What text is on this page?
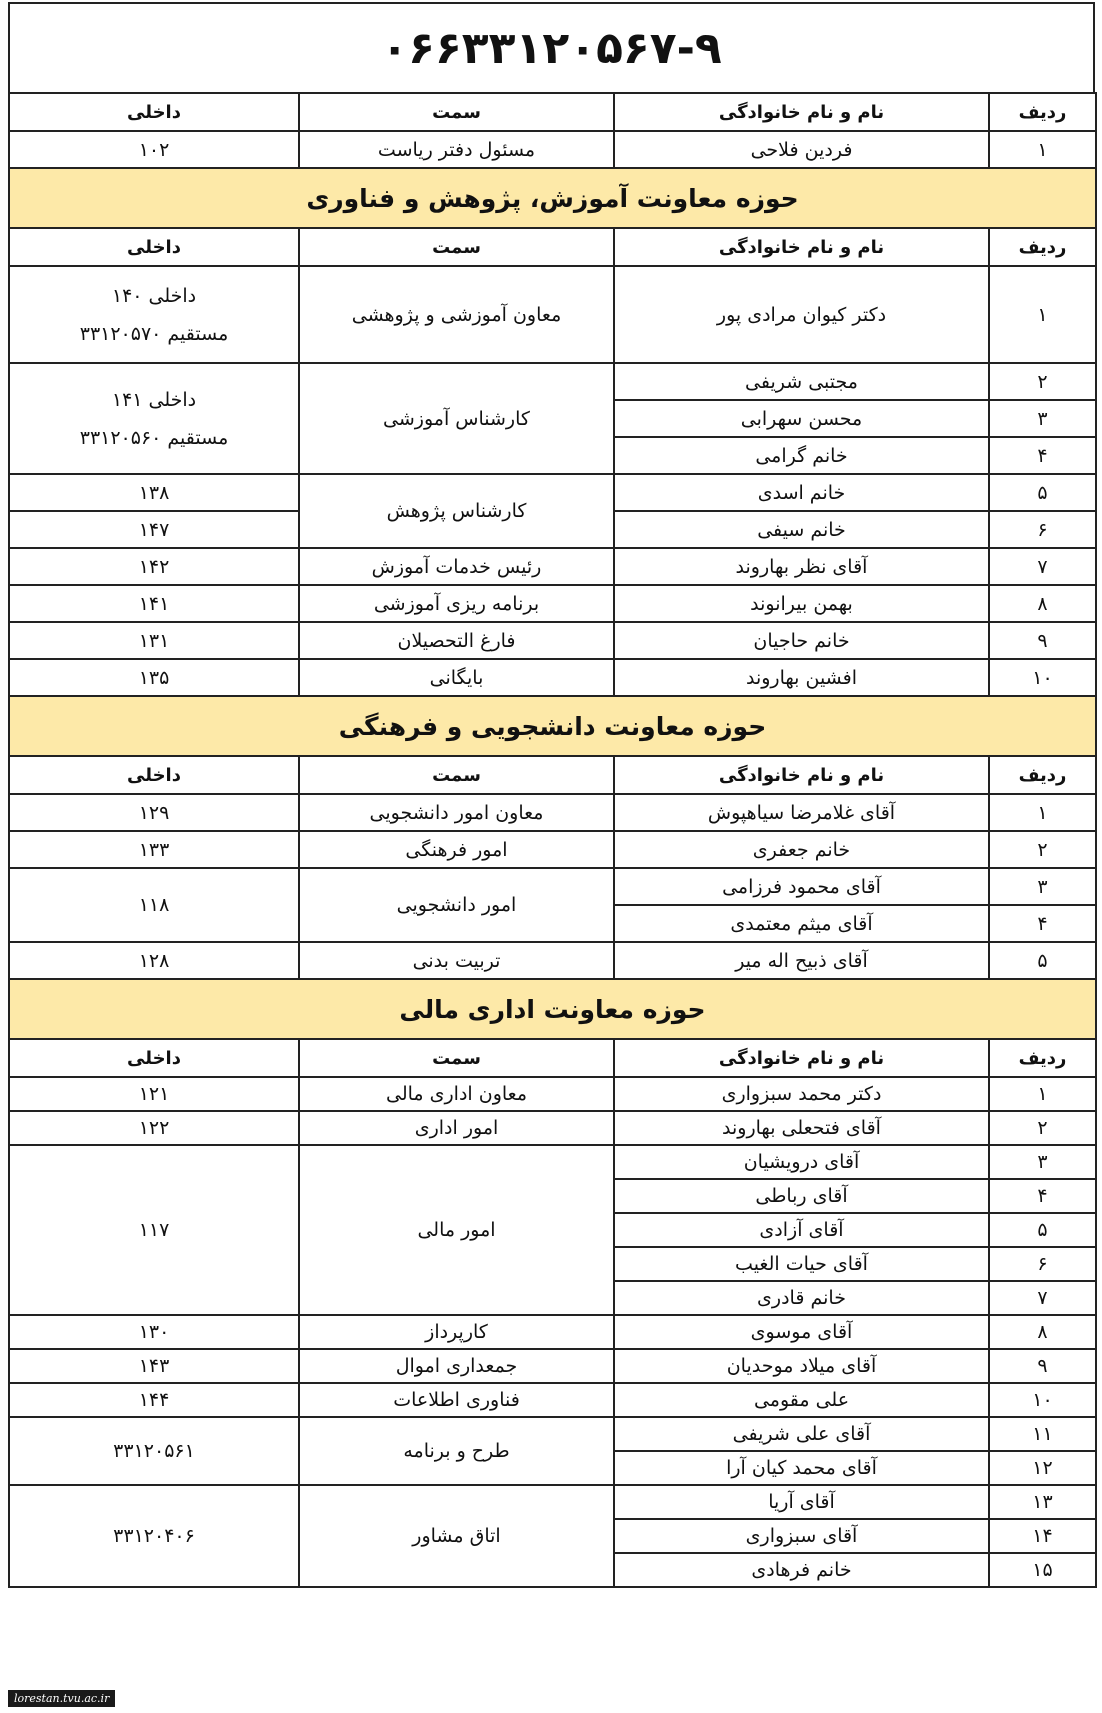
۰۶۶۳۳۱۲۰۵۶۷-۹
ردیف	نام و نام خانوادگی	سمت	داخلی
۱	فردین فلاحی	مسئول دفتر ریاست	۱۰۲
حوزه معاونت آموزش، پژوهش و فناوری			
ردیف	نام و نام خانوادگی	سمت	داخلی
۱	دکتر کیوان مرادی پور	معاون آموزشی و پژوهشی	داخلی ۱۴۰
مستقیم ۳۳۱۲۰۵۷۰

۲	مجتبی شریفی	کارشناس آموزشی	داخلی ۱۴۱
مستقیم ۳۳۱۲۰۵۶۰

۳	محسن سهرابی		
۴	خانم گرامی		
۵	خانم اسدی	کارشناس پژوهش	۱۳۸
۶	خانم سیفی		۱۴۷
۷	آقای نظر بهاروند	رئیس خدمات آموزش	۱۴۲
۸	بهمن بیرانوند	برنامه ریزی آموزشی	۱۴۱
۹	خانم حاجیان	فارغ التحصیلان	۱۳۱
۱۰	افشین بهاروند	بایگانی	۱۳۵
حوزه معاونت دانشجویی و فرهنگی			
ردیف	نام و نام خانوادگی	سمت	داخلی
۱	آقای غلامرضا سیاهپوش	معاون امور دانشجویی	۱۲۹
۲	خانم جعفری	امور فرهنگی	۱۳۳
۳	آقای محمود فرزامی	امور دانشجویی	۱۱۸
۴	آقای میثم معتمدی		
۵	آقای ذبیح اله میر	تربیت بدنی	۱۲۸
حوزه معاونت اداری مالی			
ردیف	نام و نام خانوادگی	سمت	داخلی
۱	دکتر محمد سبزواری	معاون اداری مالی	۱۲۱
۲	آقای فتحعلی بهاروند	امور اداری	۱۲۲
۳	آقای درویشیان	امور مالی	۱۱۷
۴	آقای رباطی		
۵	آقای آزادی		
۶	آقای حیات الغیب		
۷	خانم قادری		
۸	آقای موسوی	کارپرداز	۱۳۰
۹	آقای میلاد موحدیان	جمعداری اموال	۱۴۳
۱۰	علی مقومی	فناوری اطلاعات	۱۴۴
۱۱	آقای علی شریفی	طرح و برنامه	۳۳۱۲۰۵۶۱
۱۲	آقای محمد کیان آرا		
۱۳	آقای آریا	اتاق مشاور	۳۳۱۲۰۴۰۶
۱۴	آقای سبزواری		
۱۵	خانم فرهادی		
lorestan.tvu.ac.ir
